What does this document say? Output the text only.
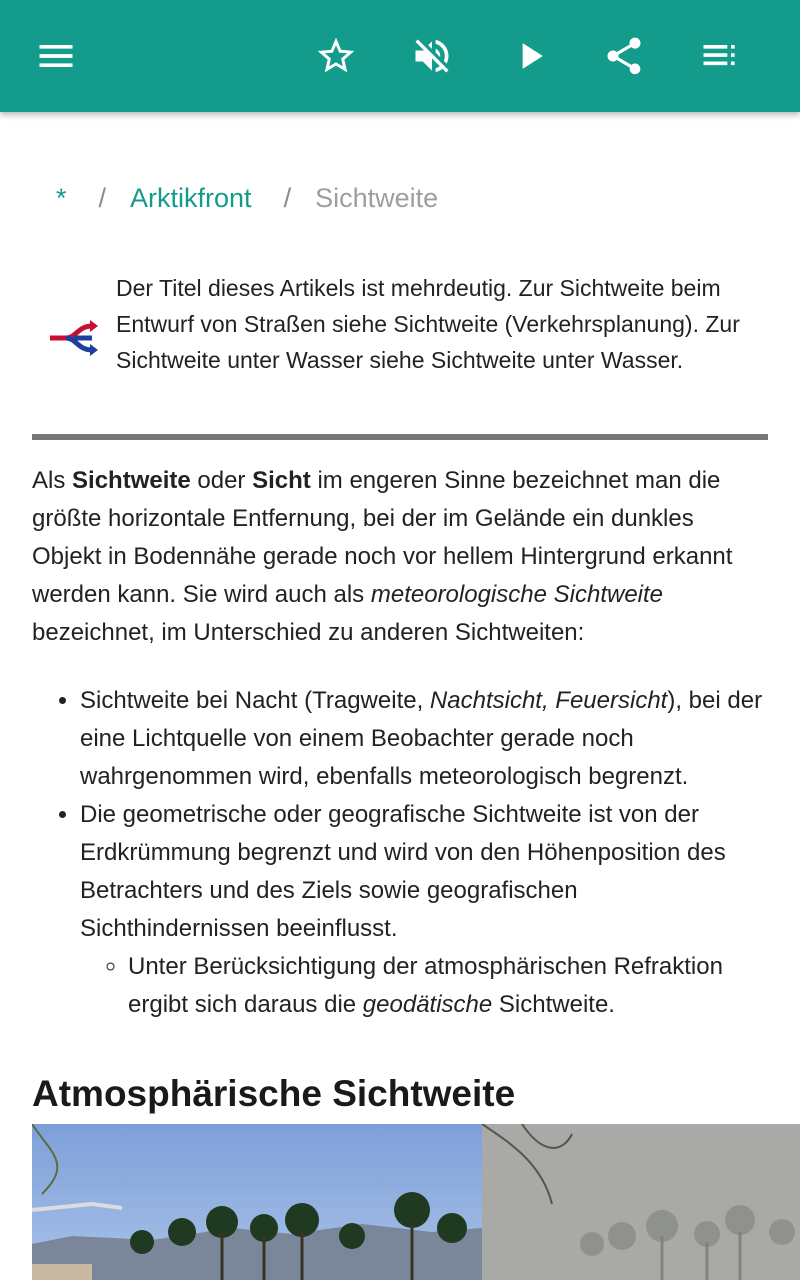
* / Arktikfront / Sichtweite
Der Titel dieses Artikels ist mehrdeutig. Zur Sichtweite beim Entwurf von Straßen siehe Sichtweite (Verkehrsplanung). Zur Sichtweite unter Wasser siehe Sichtweite unter Wasser.

Als Sichtweite oder Sicht im engeren Sinne bezeichnet man die größte horizontale Entfernung, bei der im Gelände ein dunkles Objekt in Bodennähe gerade noch vor hellem Hintergrund erkannt werden kann. Sie wird auch als meteorologische Sichtweite bezeichnet, im Unterschied zu anderen Sichtweiten:

• Sichtweite bei Nacht (Tragweite, Nachtsicht, Feuersicht), bei der eine Lichtquelle von einem Beobachter gerade noch wahrgenommen wird, ebenfalls meteorologisch begrenzt.
• Die geometrische oder geografische Sichtweite ist von der Erdkrümmung begrenzt und wird von den Höhenposition des Betrachters und des Ziels sowie geografischen Sichthindernissen beeinflusst.
◦ Unter Berücksichtigung der atmosphärischen Refraktion ergibt sich daraus die geodätische Sichtweite.
Atmosphärische Sichtweite
